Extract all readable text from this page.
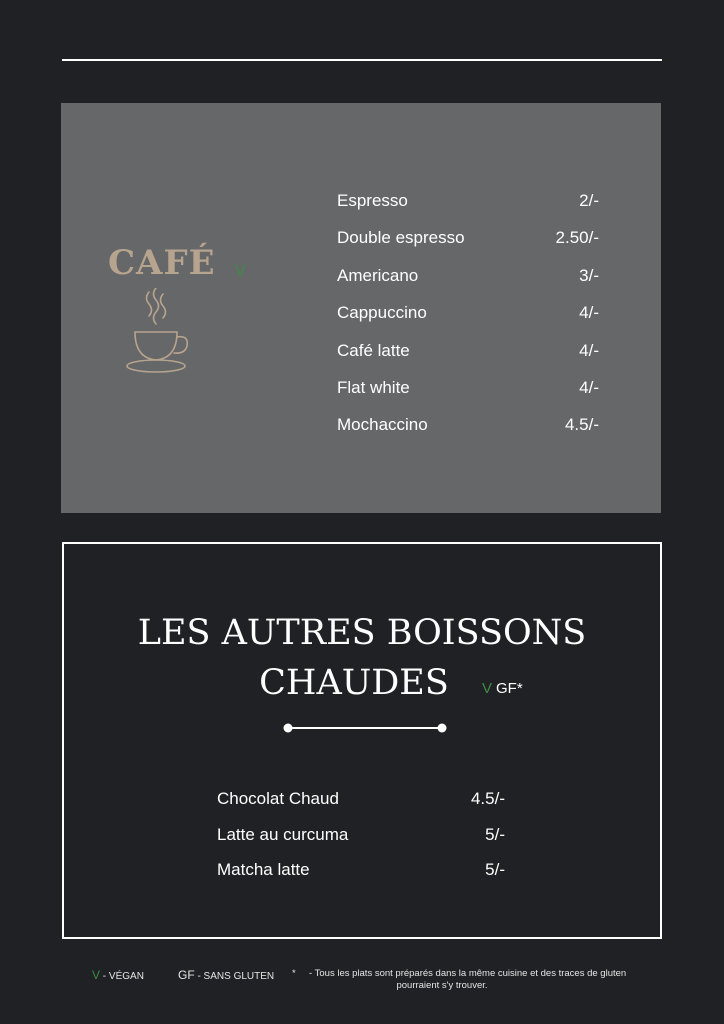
CAFÉ V
Espresso	2/-
Double espresso	2.50/-
Americano	3/-
Cappuccino	4/-
Café latte	4/-
Flat white	4/-
Mochaccino	4.5/-
LES AUTRES BOISSONS
CHAUDES	V GF*
Chocolat Chaud	4.5/-
Latte au curcuma	5/-
Matcha latte	5/-
V - VÉGAN	GF - SANS GLUTEN * - Tous les plats sont préparés dans la même cuisine et des traces de gluten
pourraient s'y trouver.
